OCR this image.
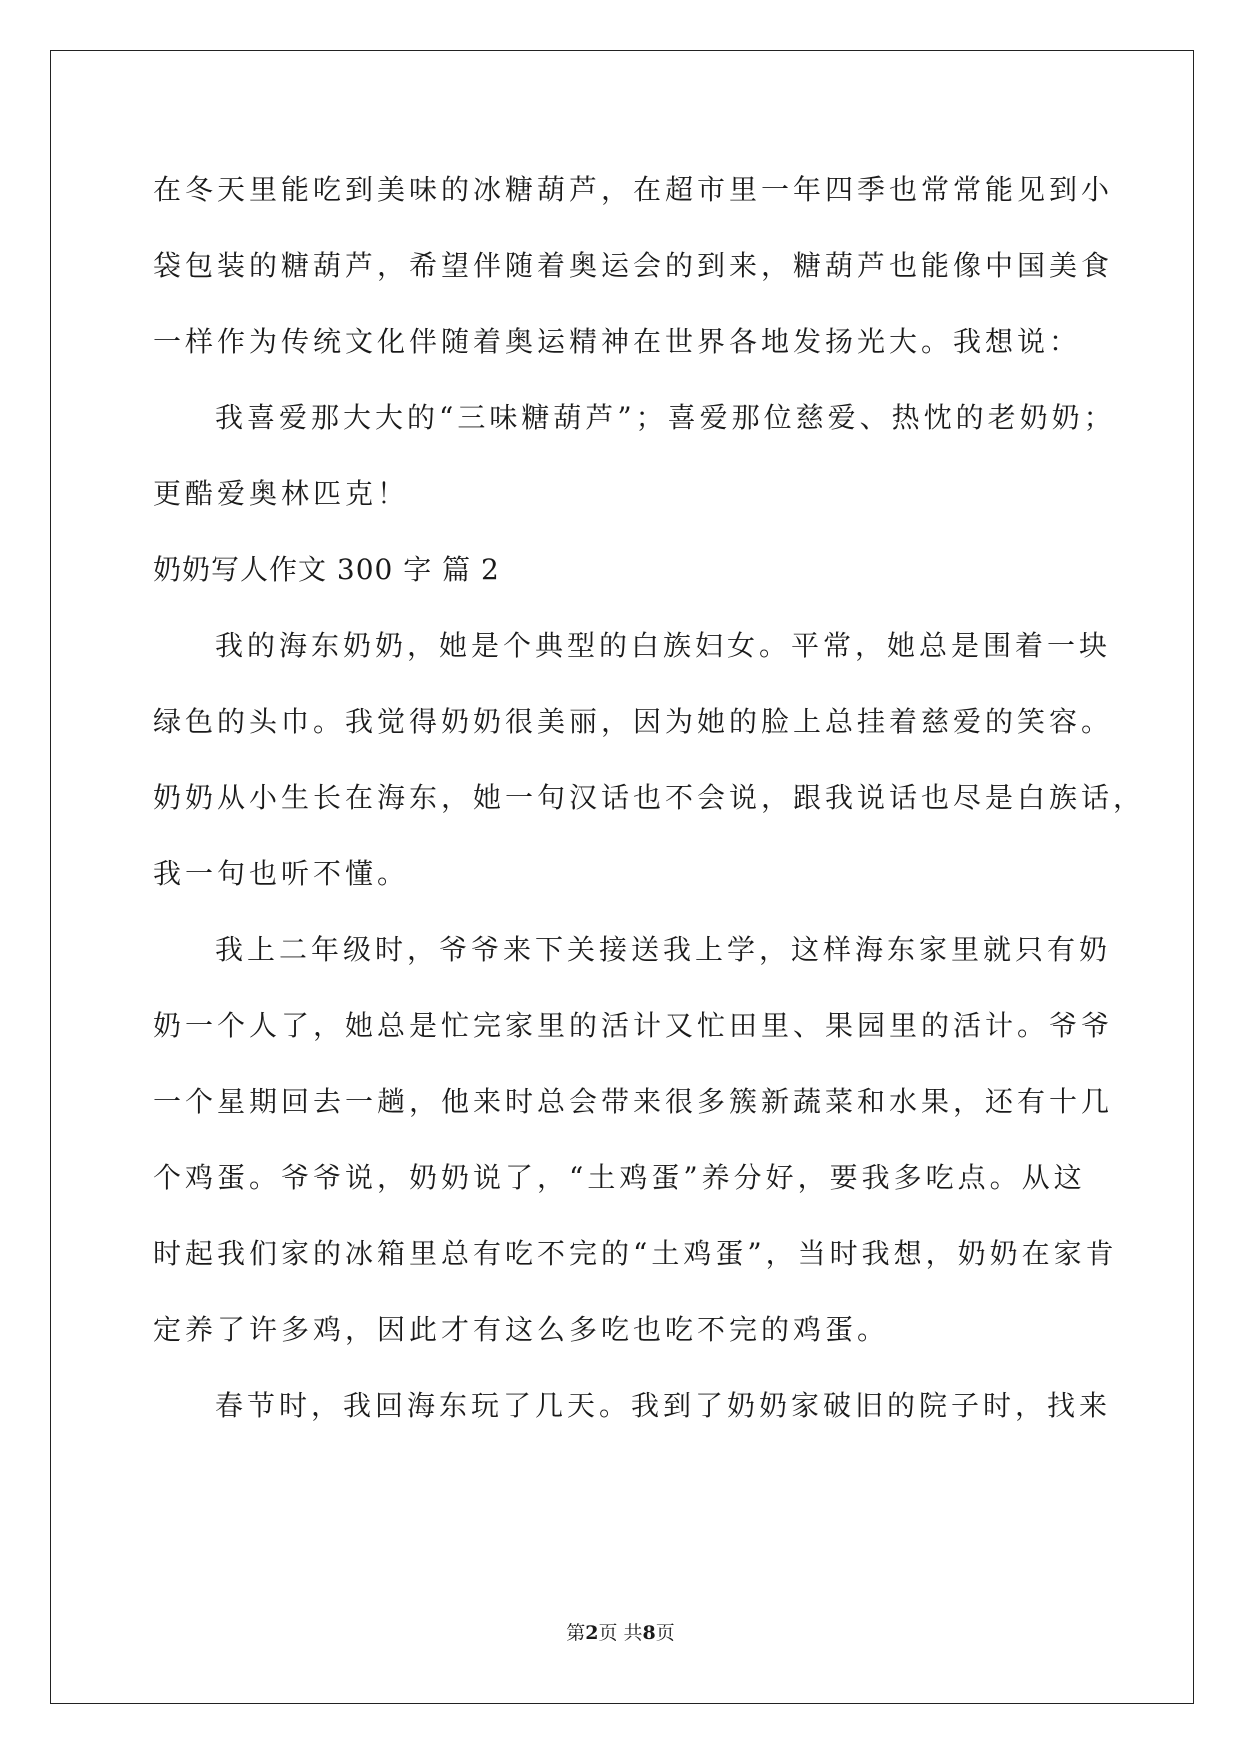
在冬天里能吃到美味的冰糖葫芦，在超市里一年四季也常常能见到小

袋包装的糖葫芦，希望伴随着奥运会的到来，糖葫芦也能像中国美食

一样作为传统文化伴随着奥运精神在世界各地发扬光大。我想说：

我喜爱那大大的“三味糖葫芦”；喜爱那位慈爱、热忱的老奶奶；

更酷爱奥林匹克！

奶奶写人作文 300 字 篇 2

我的海东奶奶，她是个典型的白族妇女。平常，她总是围着一块

绿色的头巾。我觉得奶奶很美丽，因为她的脸上总挂着慈爱的笑容。

奶奶从小生长在海东，她一句汉话也不会说，跟我说话也尽是白族话，

我一句也听不懂。

我上二年级时，爷爷来下关接送我上学，这样海东家里就只有奶

奶一个人了，她总是忙完家里的活计又忙田里、果园里的活计。爷爷

一个星期回去一趟，他来时总会带来很多簇新蔬菜和水果，还有十几

个鸡蛋。爷爷说，奶奶说了，“土鸡蛋”养分好，要我多吃点。从这

时起我们家的冰箱里总有吃不完的“土鸡蛋”，当时我想，奶奶在家肯

定养了许多鸡，因此才有这么多吃也吃不完的鸡蛋。

春节时，我回海东玩了几天。我到了奶奶家破旧的院子时，找来

第2页 共8页
